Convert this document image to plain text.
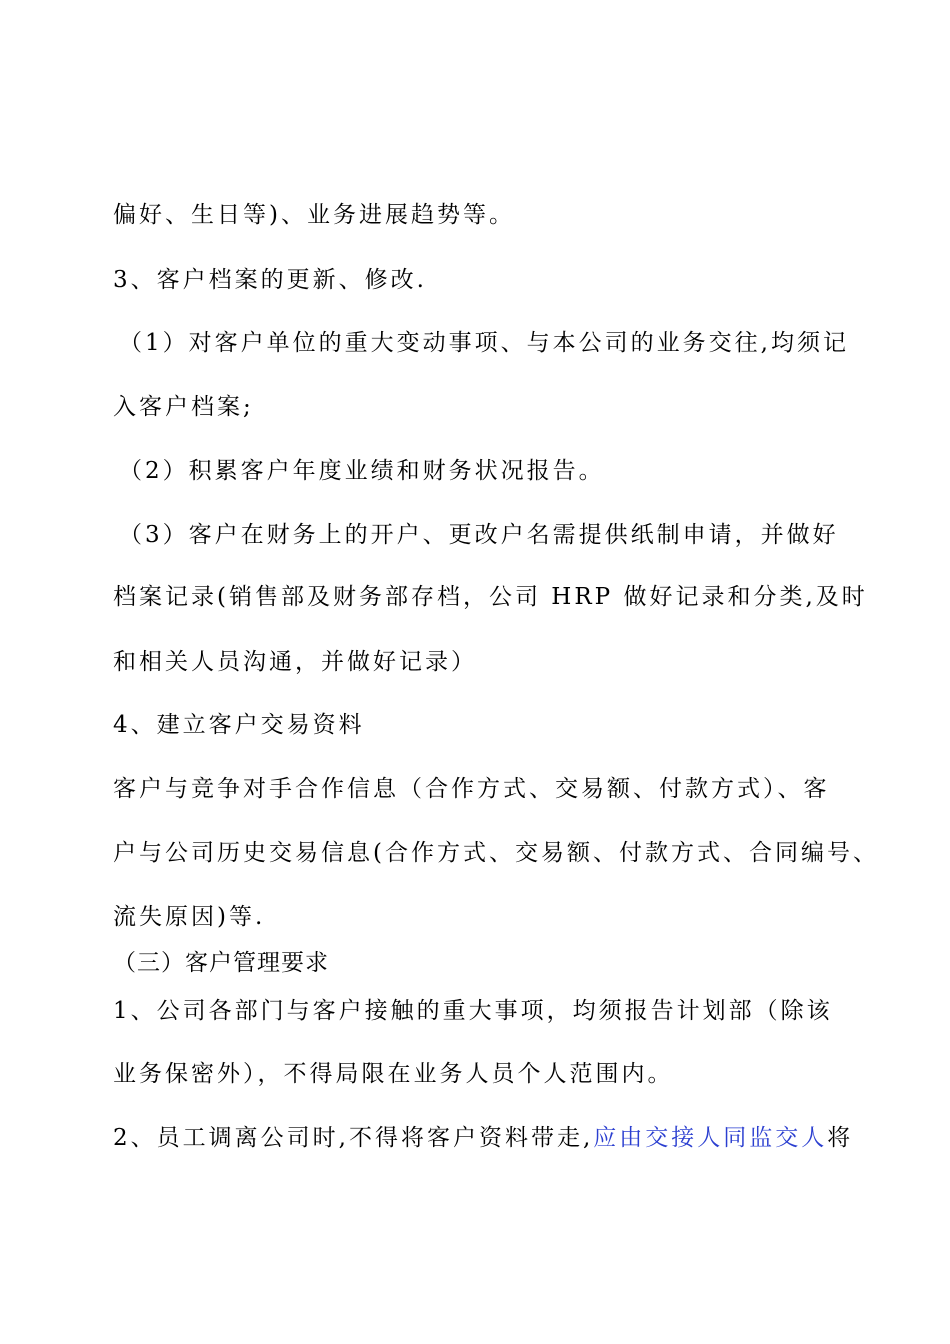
偏好、生日等)、业务进展趋势等。
3、客户档案的更新、修改.
（1）对客户单位的重大变动事项、与本公司的业务交往,均须记
入客户档案;
（2）积累客户年度业绩和财务状况报告。
（3）客户在财务上的开户、更改户名需提供纸制申请，并做好
档案记录(销售部及财务部存档，公司 HRP 做好记录和分类,及时
和相关人员沟通，并做好记录）
4、建立客户交易资料
客户与竞争对手合作信息（合作方式、交易额、付款方式）、客
户与公司历史交易信息(合作方式、交易额、付款方式、合同编号、
流失原因)等.
（三）客户管理要求
1、公司各部门与客户接触的重大事项，均须报告计划部（除该
业务保密外），不得局限在业务人员个人范围内。
2、员工调离公司时,不得将客户资料带走,应由交接人同监交人将
